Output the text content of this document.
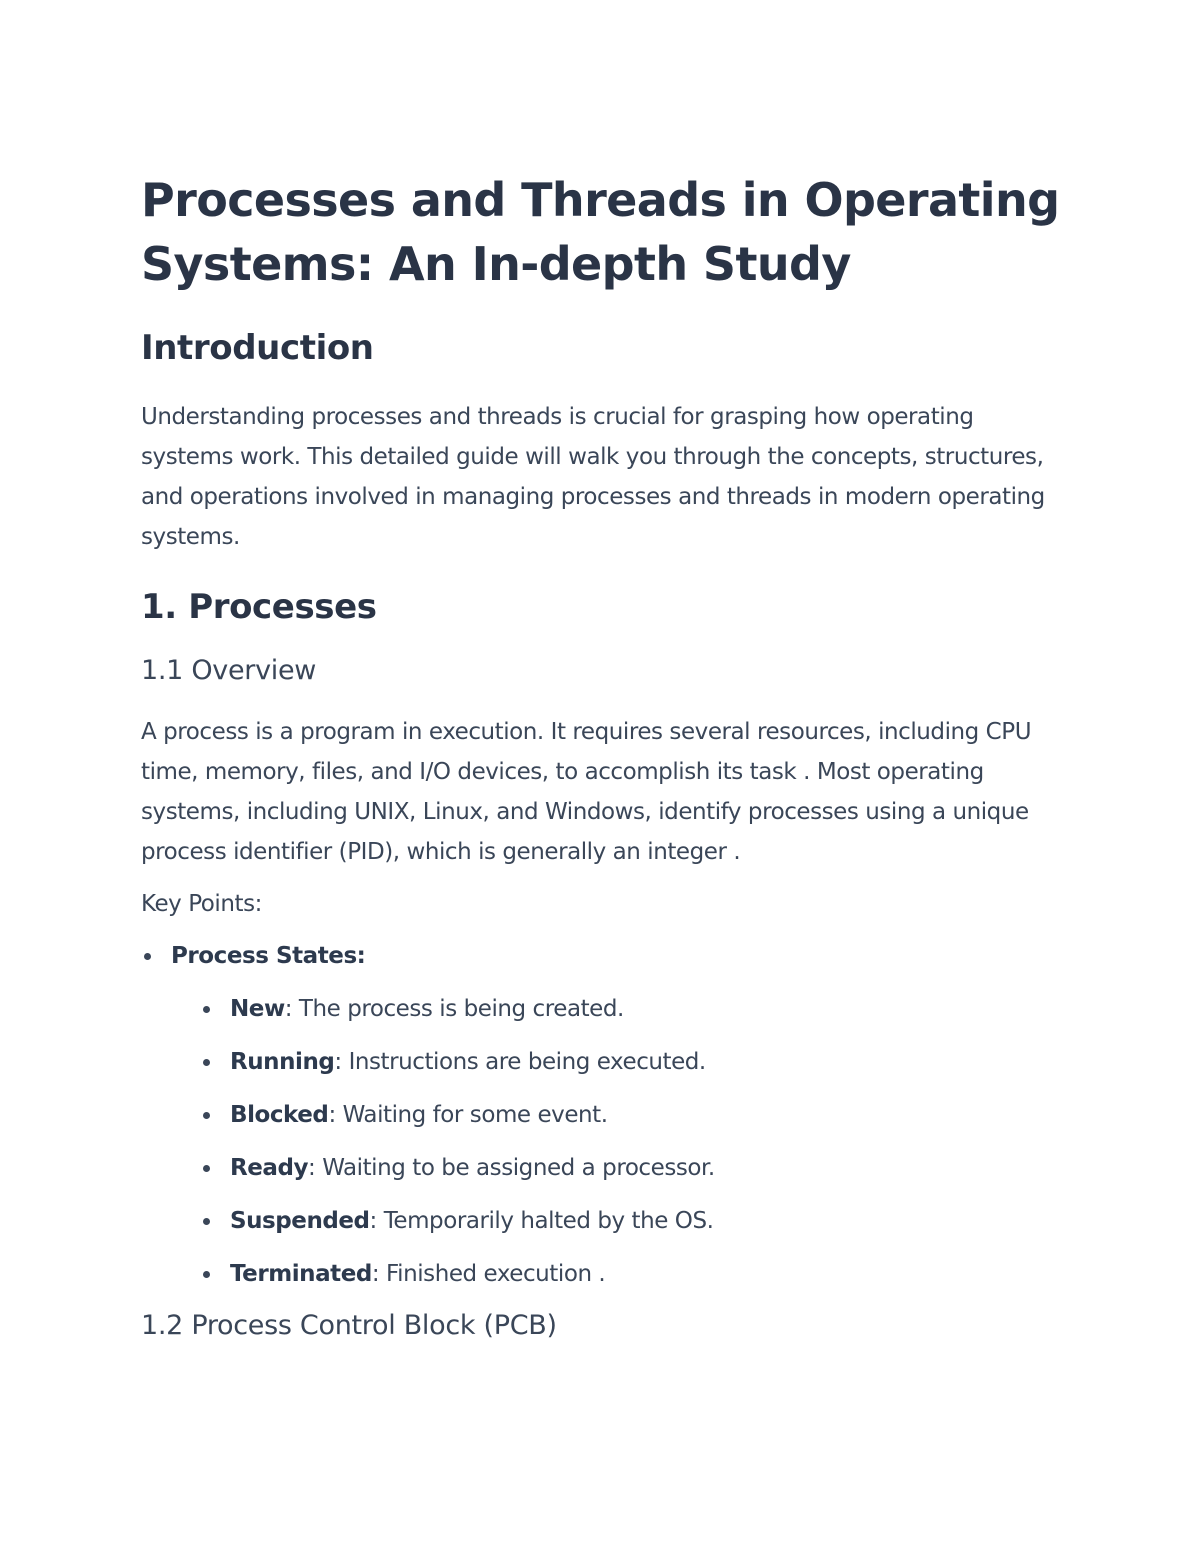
Processes and Threads in Operating Systems: An In-depth Study
Introduction

Understanding processes and threads is crucial for grasping how operating systems work. This detailed guide will walk you through the concepts, structures, and operations involved in managing processes and threads in modern operating systems.

1. Processes
1.1 Overview

A process is a program in execution. It requires several resources, including CPU time, memory, files, and I/O devices, to accomplish its task . Most operating systems, including UNIX, Linux, and Windows, identify processes using a unique process identifier (PID), which is generally an integer .

Key Points:

Process States:
New: The process is being created.
Running: Instructions are being executed.
Blocked: Waiting for some event.
Ready: Waiting to be assigned a processor.
Suspended: Temporarily halted by the OS.
Terminated: Finished execution .
1.2 Process Control Block (PCB)
